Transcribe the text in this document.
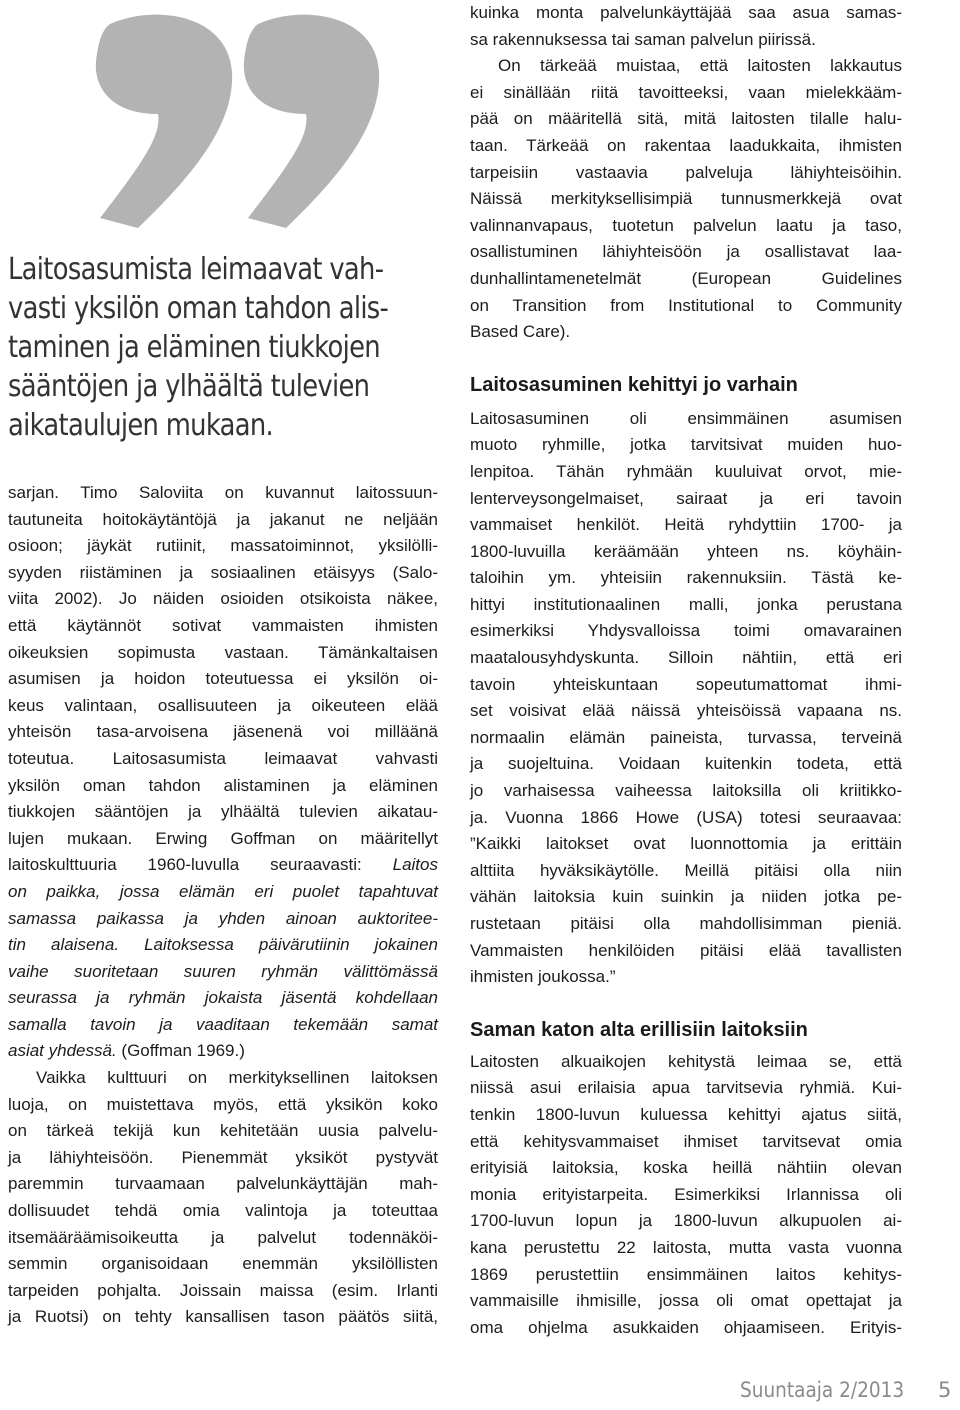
Laitosasumista leimaavat vah-
vasti yksilön oman tahdon alis-
taminen ja eläminen tiukkojen
sääntöjen ja ylhäältä tulevien
aikataulujen mukaan.
sarjan. Timo Saloviita on kuvannut laitossuun-
tautuneita hoitokäytäntöjä ja jakanut ne neljään
osioon; jäykät rutiinit, massatoiminnot, yksilölli-
syyden riistäminen ja sosiaalinen etäisyys (Salo-
viita 2002). Jo näiden osioiden otsikoista näkee,
että käytännöt sotivat vammaisten ihmisten
oikeuksien sopimusta vastaan. Tämänkaltaisen
asumisen ja hoidon toteutuessa ei yksilön oi-
keus valintaan, osallisuuteen ja oikeuteen elää
yhteisön tasa-arvoisena jäsenenä voi milläänä
toteutua. Laitosasumista leimaavat vahvasti
yksilön oman tahdon alistaminen ja eläminen
tiukkojen sääntöjen ja ylhäältä tulevien aikatau-
lujen mukaan. Erwing Goffman on määritellyt
laitoskulttuuria 1960-luvulla seuraavasti: Laitos
on paikka, jossa elämän eri puolet tapahtuvat
samassa paikassa ja yhden ainoan auktoritee-
tin alaisena. Laitoksessa päivärutiinin jokainen
vaihe suoritetaan suuren ryhmän välittömässä
seurassa ja ryhmän jokaista jäsentä kohdellaan
samalla tavoin ja vaaditaan tekemään samat
asiat yhdessä. (Goffman 1969.)
Vaikka kulttuuri on merkityksellinen laitoksen
luoja, on muistettava myös, että yksikön koko
on tärkeä tekijä kun kehitetään uusia palvelu-
ja lähiyhteisöön. Pienemmät yksiköt pystyvät
paremmin turvaamaan palvelunkäyttäjän mah-
dollisuudet tehdä omia valintoja ja toteuttaa
itsemääräämisoikeutta ja palvelut todennäköi-
semmin organisoidaan enemmän yksilöllisten
tarpeiden pohjalta. Joissain maissa (esim. Irlanti
ja Ruotsi) on tehty kansallisen tason päätös siitä,
kuinka monta palvelunkäyttäjää saa asua samas-
sa rakennuksessa tai saman palvelun piirissä.
On tärkeää muistaa, että laitosten lakkautus
ei sinällään riitä tavoitteeksi, vaan mielekkääm-
pää on määritellä sitä, mitä laitosten tilalle halu-
taan. Tärkeää on rakentaa laadukkaita, ihmisten
tarpeisiin vastaavia palveluja lähiyhteisöihin.
Näissä merkityksellisimpiä tunnusmerkkejä ovat
valinnanvapaus, tuotetun palvelun laatu ja taso,
osallistuminen lähiyhteisöön ja osallistavat laa-
dunhallintamenetelmät (European Guidelines
on Transition from Institutional to Community
Based Care).
Laitosasuminen kehittyi jo varhain
Laitosasuminen oli ensimmäinen asumisen
muoto ryhmille, jotka tarvitsivat muiden huo-
lenpitoa. Tähän ryhmään kuuluivat orvot, mie-
lenterveysongelmaiset, sairaat ja eri tavoin
vammaiset henkilöt. Heitä ryhdyttiin 1700- ja
1800-luvuilla keräämään yhteen ns. köyhäin-
taloihin ym. yhteisiin rakennuksiin. Tästä ke-
hittyi institutionaalinen malli, jonka perustana
esimerkiksi Yhdysvalloissa toimi omavarainen
maatalousyhdyskunta. Silloin nähtiin, että eri
tavoin yhteiskuntaan sopeutumattomat ihmi-
set voisivat elää näissä yhteisöissä vapaana ns.
normaalin elämän paineista, turvassa, terveinä
ja suojeltuina. Voidaan kuitenkin todeta, että
jo varhaisessa vaiheessa laitoksilla oli kriitikko-
ja. Vuonna 1866 Howe (USA) totesi seuraavaa:
”Kaikki laitokset ovat luonnottomia ja erittäin
alttiita hyväksikäytölle. Meillä pitäisi olla niin
vähän laitoksia kuin suinkin ja niiden jotka pe-
rustetaan pitäisi olla mahdollisimman pieniä.
Vammaisten henkilöiden pitäisi elää tavallisten
ihmisten joukossa.”
Saman katon alta erillisiin laitoksiin
Laitosten alkuaikojen kehitystä leimaa se, että
niissä asui erilaisia apua tarvitsevia ryhmiä. Kui-
tenkin 1800-luvun kuluessa kehittyi ajatus siitä,
että kehitysvammaiset ihmiset tarvitsevat omia
erityisiä laitoksia, koska heillä nähtiin olevan
monia erityistarpeita. Esimerkiksi Irlannissa oli
1700-luvun lopun ja 1800-luvun alkupuolen ai-
kana perustettu 22 laitosta, mutta vasta vuonna
1869 perustettiin ensimmäinen laitos kehitys-
vammaisille ihmisille, jossa oli omat opettajat ja
oma ohjelma asukkaiden ohjaamiseen. Erityis-
Suuntaaja 2/2013 5
